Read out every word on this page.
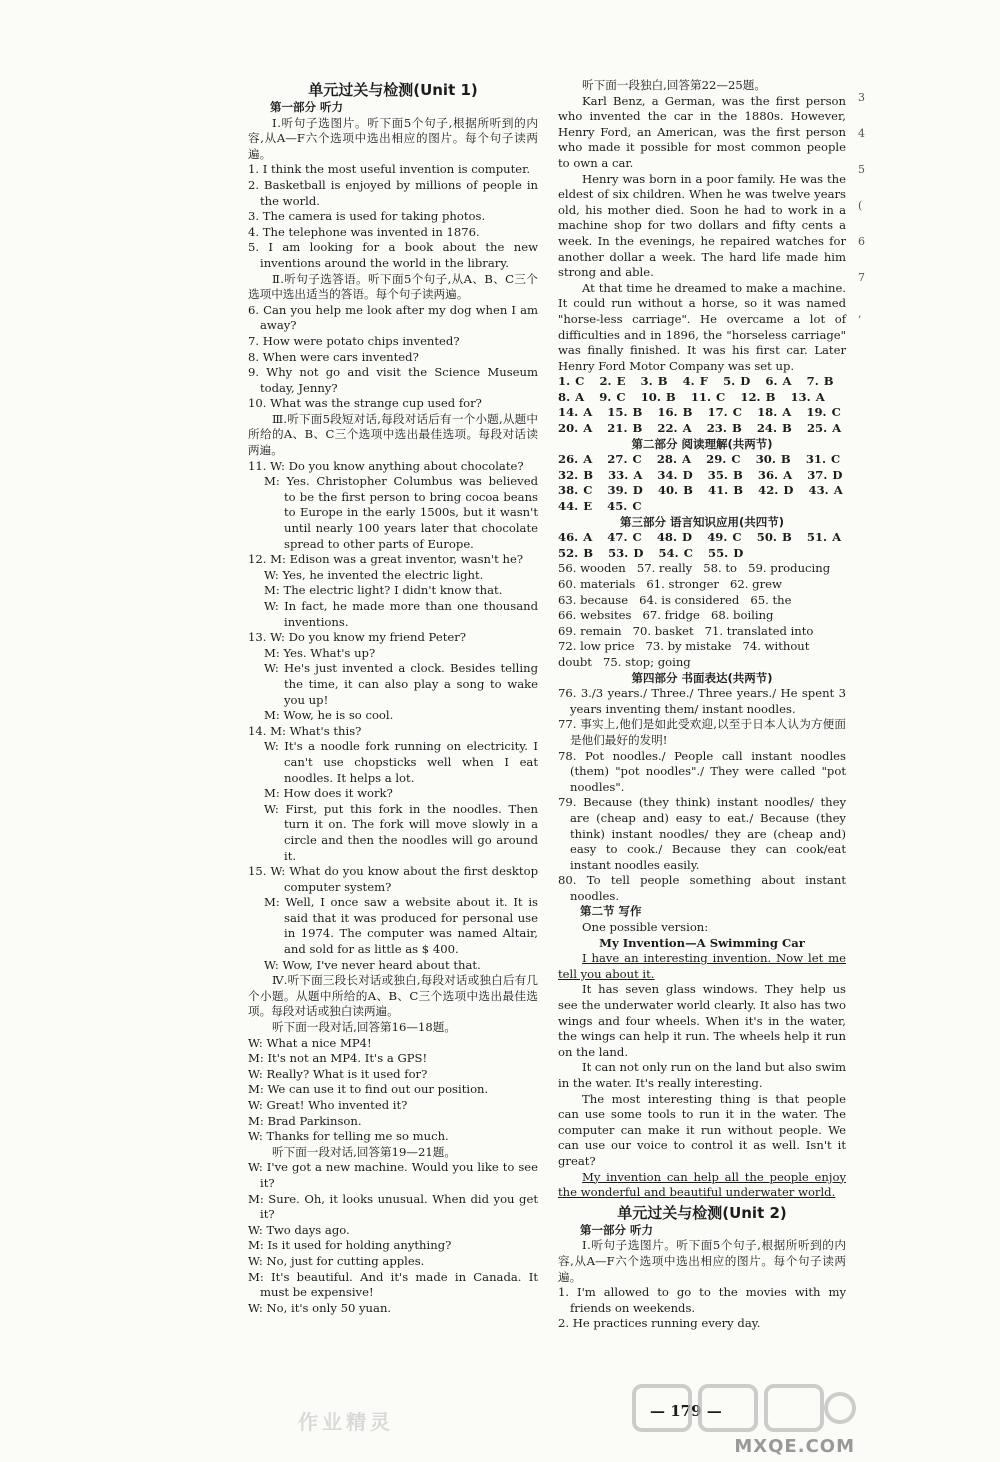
单元过关与检测(Unit 1)
第一部分 听力

Ⅰ.听句子选图片。听下面5个句子,根据所听到的内容,从A—F六个选项中选出相应的图片。每个句子读两遍。

1. I think the most useful invention is computer.

2. Basketball is enjoyed by millions of people in the world.

3. The camera is used for taking photos.

4. The telephone was invented in 1876.

5. I am looking for a book about the new inventions around the world in the library.

Ⅱ.听句子选答语。听下面5个句子,从A、B、C三个选项中选出适当的答语。每个句子读两遍。

6. Can you help me look after my dog when I am away?

7. How were potato chips invented?

8. When were cars invented?

9. Why not go and visit the Science Museum today, Jenny?

10. What was the strange cup used for?

Ⅲ.听下面5段短对话,每段对话后有一个小题,从题中所给的A、B、C三个选项中选出最佳选项。每段对话读两遍。

11. W: Do you know anything about chocolate?

M: Yes. Christopher Columbus was believed to be the first person to bring cocoa beans to Europe in the early 1500s, but it wasn't until nearly 100 years later that chocolate spread to other parts of Europe.

12. M: Edison was a great inventor, wasn't he?

W: Yes, he invented the electric light.

M: The electric light? I didn't know that.

W: In fact, he made more than one thousand inventions.

13. W: Do you know my friend Peter?

M: Yes. What's up?

W: He's just invented a clock. Besides telling the time, it can also play a song to wake you up!

M: Wow, he is so cool.

14. M: What's this?

W: It's a noodle fork running on electricity. I can't use chopsticks well when I eat noodles. It helps a lot.

M: How does it work?

W: First, put this fork in the noodles. Then turn it on. The fork will move slowly in a circle and then the noodles will go around it.

15. W: What do you know about the first desktop computer system?

M: Well, I once saw a website about it. It is said that it was produced for personal use in 1974. The computer was named Altair, and sold for as little as $ 400.

W: Wow, I've never heard about that.

Ⅳ.听下面三段长对话或独白,每段对话或独白后有几个小题。从题中所给的A、B、C三个选项中选出最佳选项。每段对话或独白读两遍。

听下面一段对话,回答第16—18题。

W: What a nice MP4!

M: It's not an MP4. It's a GPS!

W: Really? What is it used for?

M: We can use it to find out our position.

W: Great! Who invented it?

M: Brad Parkinson.

W: Thanks for telling me so much.

听下面一段对话,回答第19—21题。

W: I've got a new machine. Would you like to see it?

M: Sure. Oh, it looks unusual. When did you get it?

W: Two days ago.

M: Is it used for holding anything?

W: No, just for cutting apples.

M: It's beautiful. And it's made in Canada. It must be expensive!

W: No, it's only 50 yuan.

听下面一段独白,回答第22—25题。

Karl Benz, a German, was the first person who invented the car in the 1880s. However, Henry Ford, an American, was the first person who made it possible for most common people to own a car.

Henry was born in a poor family. He was the eldest of six children. When he was twelve years old, his mother died. Soon he had to work in a machine shop for two dollars and fifty cents a week. In the evenings, he repaired watches for another dollar a week. The hard life made him strong and able.

At that time he dreamed to make a machine. It could run without a horse, so it was named "horse-less carriage". He overcame a lot of difficulties and in 1896, the "horseless carriage" was finally finished. It was his first car. Later Henry Ford Motor Company was set up.

1. C   2. E   3. B   4. F   5. D   6. A   7. B

8. A   9. C   10. B   11. C   12. B   13. A

14. A   15. B   16. B   17. C   18. A   19. C

20. A   21. B   22. A   23. B   24. B   25. A

第二部分 阅读理解(共两节)

26. A   27. C   28. A   29. C   30. B   31. C

32. B   33. A   34. D   35. B   36. A   37. D

38. C   39. D   40. B   41. B   42. D   43. A

44. E   45. C

第三部分 语言知识应用(共四节)

46. A   47. C   48. D   49. C   50. B   51. A

52. B   53. D   54. C   55. D

56. wooden   57. really   58. to   59. producing

60. materials   61. stronger   62. grew

63. because   64. is considered   65. the

66. websites   67. fridge   68. boiling

69. remain   70. basket   71. translated into

72. low price   73. by mistake   74. without

doubt   75. stop; going

第四部分 书面表达(共两节)

76. 3./3 years./ Three./ Three years./ He spent 3 years inventing them/ instant noodles.

77. 事实上,他们是如此受欢迎,以至于日本人认为方便面是他们最好的发明!

78. Pot noodles./ People call instant noodles (them) "pot noodles"./ They were called "pot noodles".

79. Because (they think) instant noodles/ they are (cheap and) easy to eat./ Because (they think) instant noodles/ they are (cheap and) easy to cook./ Because they can cook/eat instant noodles easily.

80. To tell people something about instant noodles.

第二节 写作

One possible version:

My Invention—A Swimming Car

I have an interesting invention. Now let me tell you about it.

It has seven glass windows. They help us see the underwater world clearly. It also has two wings and four wheels. When it's in the water, the wings can help it run. The wheels help it run on the land.

It can not only run on the land but also swim in the water. It's really interesting.

The most interesting thing is that people can use some tools to run it in the water. The computer can make it run without people. We can use our voice to control it as well. Isn't it great?

My invention can help all the people enjoy the wonderful and beautiful underwater world.

单元过关与检测(Unit 2)
第一部分 听力

Ⅰ.听句子选图片。听下面5个句子,根据所听到的内容,从A—F六个选项中选出相应的图片。每个句子读两遍。

1. I'm allowed to go to the movies with my friends on weekends.

2. He practices running every day.

3
4
5
(
6
7
,
— 179 —
作业精灵
MXQE.COM
